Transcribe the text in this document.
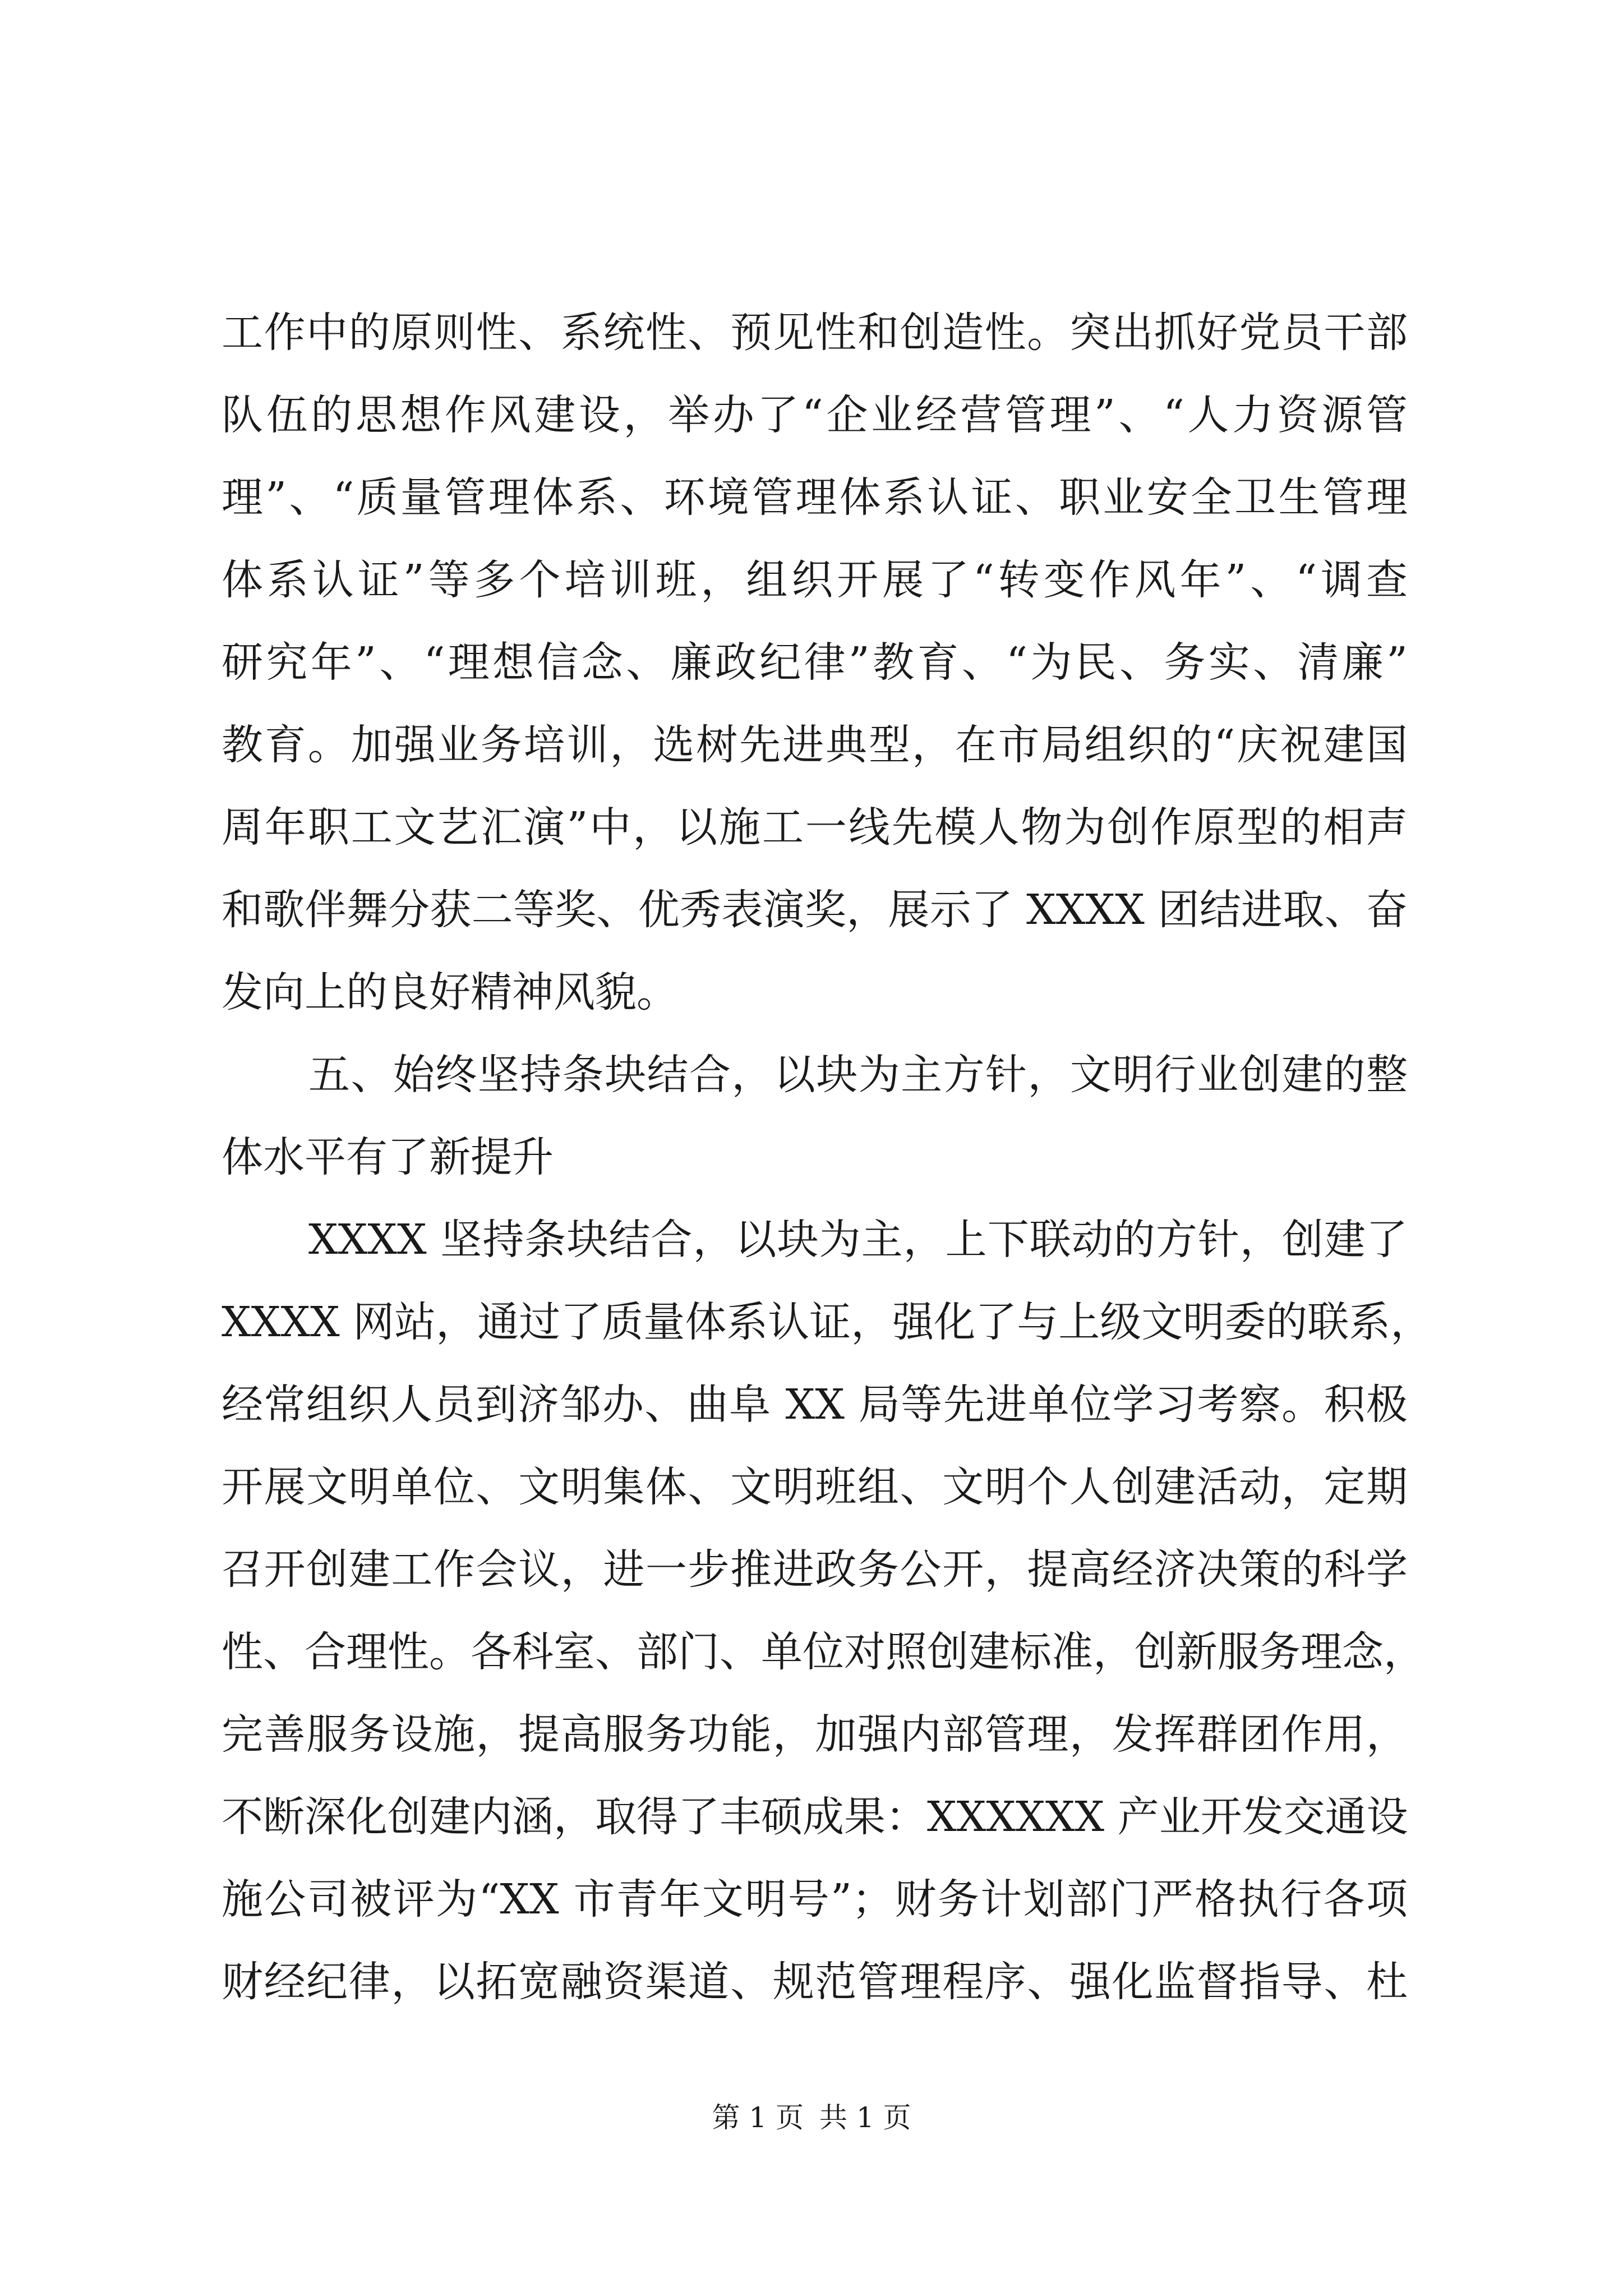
工作中的原则性、系统性、预见性和创造性。突出抓好党员干部
队伍的思想作风建设，举办了“企业经营管理”、“人力资源管
理”、“质量管理体系、环境管理体系认证、职业安全卫生管理
体系认证”等多个培训班，组织开展了“转变作风年”、“调查
研究年”、“理想信念、廉政纪律”教育、“为民、务实、清廉”
教育。加强业务培训，选树先进典型，在市局组织的“庆祝建国
周年职工文艺汇演”中，以施工一线先模人物为创作原型的相声
和歌伴舞分获二等奖、优秀表演奖，展示了 XXXX 团结进取、奋
发向上的良好精神风貌。
五、始终坚持条块结合，以块为主方针，文明行业创建的整
体水平有了新提升
XXXX 坚持条块结合，以块为主，上下联动的方针，创建了
XXXX 网站，通过了质量体系认证，强化了与上级文明委的联系，
经常组织人员到济邹办、曲阜 XX 局等先进单位学习考察。积极
开展文明单位、文明集体、文明班组、文明个人创建活动，定期
召开创建工作会议，进一步推进政务公开，提高经济决策的科学
性、合理性。各科室、部门、单位对照创建标准，创新服务理念，
完善服务设施，提高服务功能，加强内部管理，发挥群团作用，
不断深化创建内涵，取得了丰硕成果：XXXXXX 产业开发交通设
施公司被评为“XX 市青年文明号”；财务计划部门严格执行各项
财经纪律，以拓宽融资渠道、规范管理程序、强化监督指导、杜
第 1 页 共 1 页
